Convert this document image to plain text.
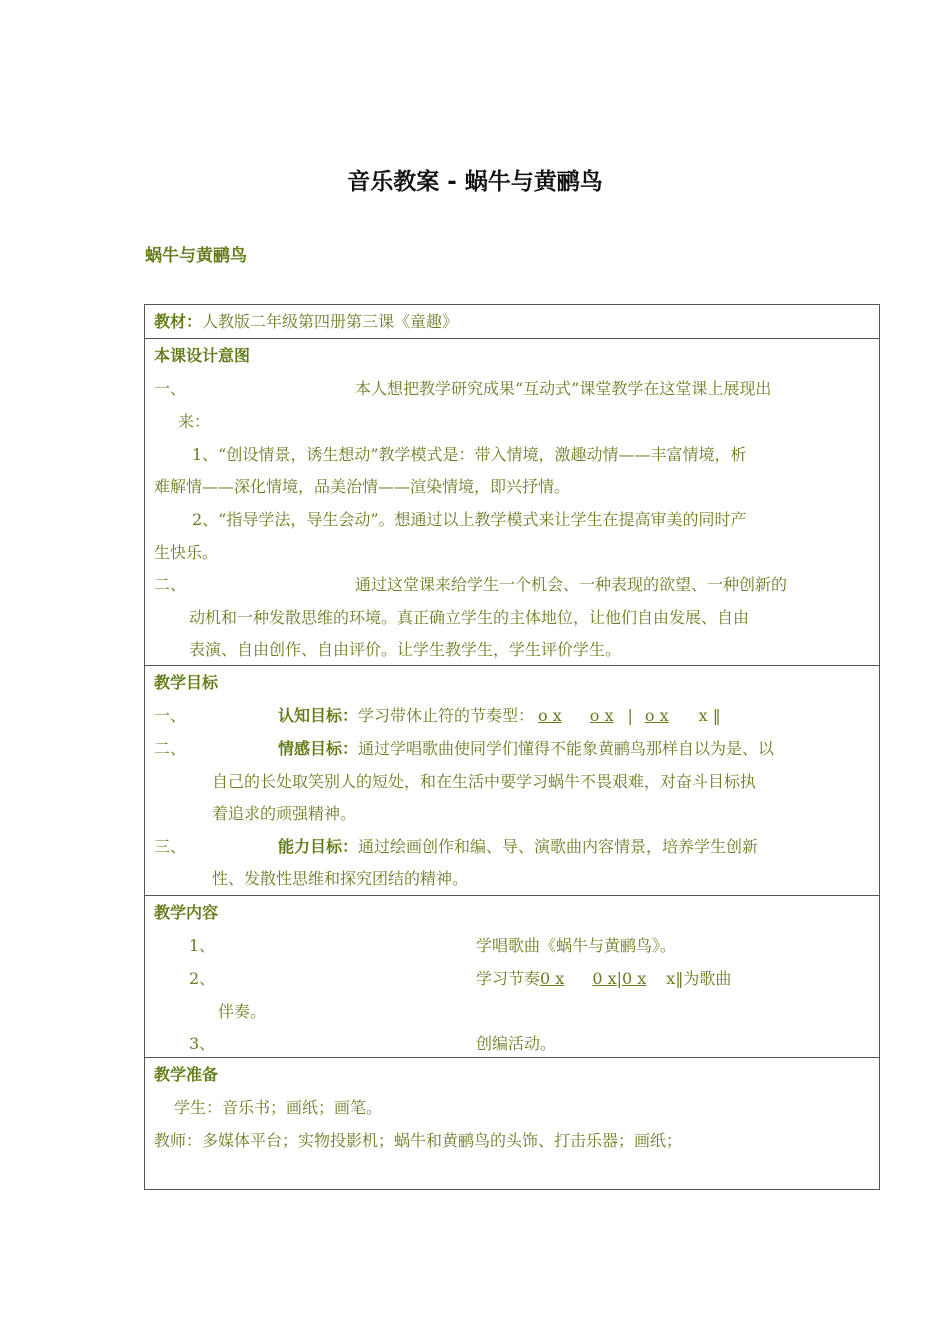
音乐教案 - 蜗牛与黄鹂鸟
蜗牛与黄鹂鸟
教材：人教版二年级第四册第三课《童趣》
本课设计意图
一、	本人想把教学研究成果“互动式”课堂教学在这堂课上展现出
来：
1、“创设情景，诱生想动”教学模式是：带入情境，激趣动情——丰富情境，析
难解情——深化情境，品美治情——渲染情境，即兴抒情。
2、“指导学法，导生会动”。想通过以上教学模式来让学生在提高审美的同时产
生快乐。
二、	通过这堂课来给学生一个机会、一种表现的欲望、一种创新的
动机和一种发散思维的环境。真正确立学生的主体地位，让他们自由发展、自由
表演、自由创作、自由评价。让学生教学生，学生评价学生。
教学目标
一、	认知目标：学习带休止符的节奏型： o x o x | o x x ‖
二、	情感目标：通过学唱歌曲使同学们懂得不能象黄鹂鸟那样自以为是、以
自己的长处取笑别人的短处，和在生活中要学习蜗牛不畏艰难，对奋斗目标执
着追求的顽强精神。
三、	能力目标：通过绘画创作和编、导、演歌曲内容情景，培养学生创新
性、发散性思维和探究团结的精神。
教学内容
1、	学唱歌曲《蜗牛与黄鹂鸟》。
2、	学习节奏0 x 0 x|0 x x‖为歌曲
伴奏。
3、	创编活动。
教学准备
学生：音乐书；画纸；画笔。
教师：多媒体平台；实物投影机；蜗牛和黄鹂鸟的头饰、打击乐器；画纸；
